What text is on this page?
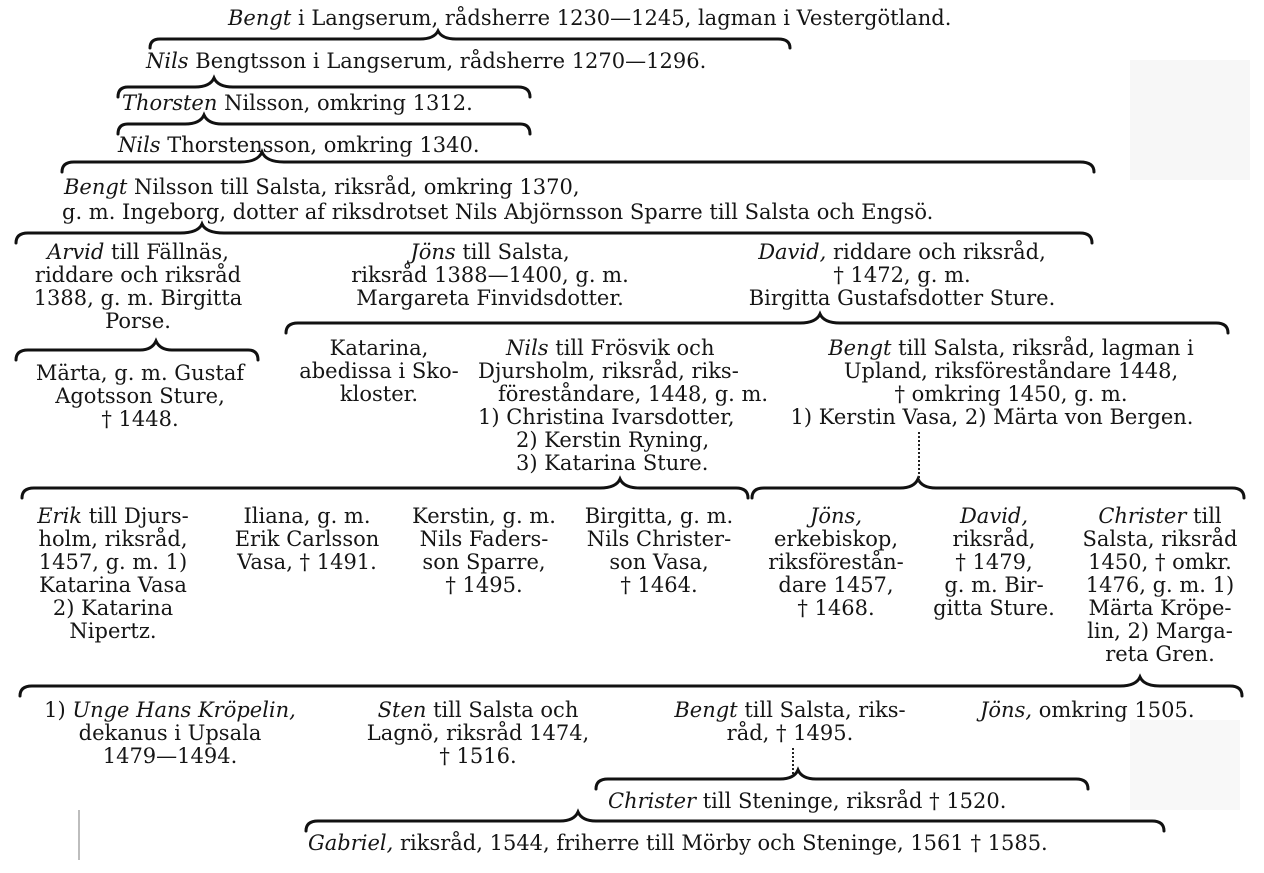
Bengt i Langserum, rådsherre 1230—1245, lagman i Vestergötland.
Nils Bengtsson i Langserum, rådsherre 1270—1296.
Thorsten Nilsson, omkring 1312.
Nils Thorstensson, omkring 1340.
Bengt Nilsson till Salsta, riksråd, omkring 1370,
g. m. Ingeborg, dotter af riksdrotset Nils Abjörnsson Sparre till Salsta och Engsö.
Arvid till Fällnäs,
riddare och riksråd
1388, g. m. Birgitta
Porse.
Jöns till Salsta,
riksråd 1388—1400, g. m.
Margareta Finvidsdotter.
David, riddare och riksråd,
† 1472, g. m.
Birgitta Gustafsdotter Sture.
Märta, g. m. Gustaf
Agotsson Sture,
† 1448.
Katarina,
abedissa i Sko-
kloster.
Nils till Frösvik och
Djursholm, riksråd, riks-
föreståndare, 1448, g. m.
1) Christina Ivarsdotter,
2) Kerstin Ryning,
3) Katarina Sture.
Bengt till Salsta, riksråd, lagman i
Upland, riksföreståndare 1448,
† omkring 1450, g. m.
1) Kerstin Vasa, 2) Märta von Bergen.
Erik till Djurs-
holm, riksråd,
1457, g. m. 1)
Katarina Vasa
2) Katarina
Nipertz.
Iliana, g. m.
Erik Carlsson
Vasa, † 1491.
Kerstin, g. m.
Nils Faders-
son Sparre,
† 1495.
Birgitta, g. m.
Nils Christer-
son Vasa,
† 1464.
Jöns,
erkebiskop,
riksförestån-
dare 1457,
† 1468.
David,
riksråd,
† 1479,
g. m. Bir-
gitta Sture.
Christer till
Salsta, riksråd
1450, † omkr.
1476, g. m. 1)
Märta Kröpe-
lin, 2) Marga-
reta Gren.
1) Unge Hans Kröpelin,
dekanus i Upsala
1479—1494.
Sten till Salsta och
Lagnö, riksråd 1474,
† 1516.
Bengt till Salsta, riks-
råd, † 1495.
Jöns, omkring 1505.
Christer till Steninge, riksråd † 1520.
Gabriel, riksråd, 1544, friherre till Mörby och Steninge, 1561 † 1585.
